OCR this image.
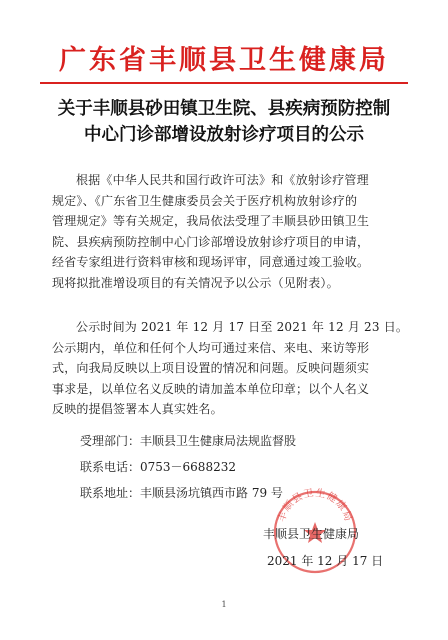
广东省丰顺县卫生健康局
关于丰顺县砂田镇卫生院、县疾病预防控制
中心门诊部增设放射诊疗项目的公示
根据《中华人民共和国行政许可法》和《放射诊疗管理
规定》、《广东省卫生健康委员会关于医疗机构放射诊疗的
管理规定》等有关规定，我局依法受理了丰顺县砂田镇卫生
院、县疾病预防控制中心门诊部增设放射诊疗项目的申请，
经省专家组进行资料审核和现场评审，同意通过竣工验收。
现将拟批准增设项目的有关情况予以公示（见附表）。
公示时间为 2021 年 12 月 17 日至 2021 年 12 月 23 日。
公示期内，单位和任何个人均可通过来信、来电、来访等形
式，向我局反映以上项目设置的情况和问题。反映问题须实
事求是，以单位名义反映的请加盖本单位印章；以个人名义
反映的提倡签署本人真实姓名。
受理部门：丰顺县卫生健康局法规监督股
联系电话：0753－6688232
联系地址：丰顺县汤坑镇西市路 79 号
丰顺县卫生健康局
丰顺县卫生健康局
2021 年 12 月 17 日
1
